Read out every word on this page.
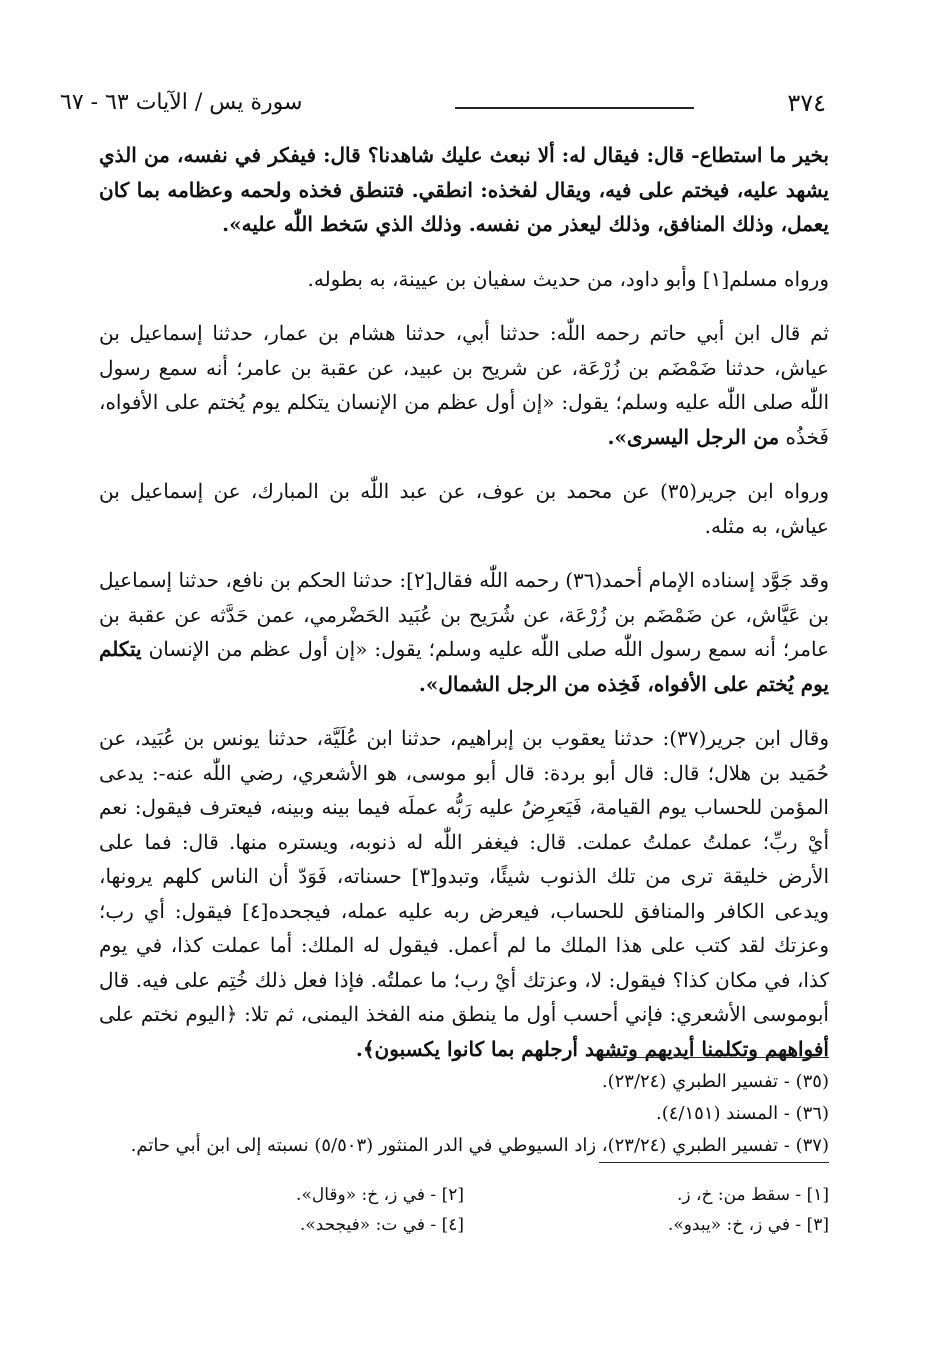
٣٧٤
سورة يس / الآيات ٦٣ - ٦٧

بخير ما استطاع- قال: فيقال له: ألا نبعث عليك شاهدنا؟ قال: فيفكر في نفسه، من الذي يشهد عليه، فيختم على فيه، ويقال لفخذه: انطقي. فتنطق فخذه ولحمه وعظامه بما كان يعمل، وذلك المنافق، وذلك ليعذر من نفسه. وذلك الذي سَخط اللّٰه عليه».

ورواه مسلم[١] وأبو داود، من حديث سفيان بن عيينة، به بطوله.

ثم قال ابن أبي حاتم رحمه اللّٰه: حدثنا أبي، حدثنا هشام بن عمار، حدثنا إسماعيل بن عياش، حدثنا ضَمْضَم بن زُرْعَة، عن شريح بن عبيد، عن عقبة بن عامر؛ أنه سمع رسول اللّٰه صلى اللّٰه عليه وسلم؛ يقول: «إن أول عظم من الإنسان يتكلم يوم يُختم على الأفواه، فَخذُه من الرجل اليسرى».

ورواه ابن جرير(٣٥) عن محمد بن عوف، عن عبد اللّٰه بن المبارك، عن إسماعيل بن عياش، به مثله.

وقد جَوَّد إسناده الإمام أحمد(٣٦) رحمه اللّٰه فقال[٢]: حدثنا الحكم بن نافع، حدثنا إسماعيل بن عَيَّاش، عن ضَمْضَم بن زُرْعَة، عن شُرَيح بن عُبَيد الحَضْرمي، عمن حَدَّثه عن عقبة بن عامر؛ أنه سمع رسول اللّٰه صلى اللّٰه عليه وسلم؛ يقول: «إن أول عظم من الإنسان يتكلم يوم يُختم على الأفواه، فَخِذه من الرجل الشمال».

وقال ابن جرير(٣٧): حدثنا يعقوب بن إبراهيم، حدثنا ابن عُلَيَّة، حدثنا يونس بن عُبَيد، عن حُمَيد بن هلال؛ قال: قال أبو بردة: قال أبو موسى، هو الأشعري، رضي اللّٰه عنه-: يدعى المؤمن للحساب يوم القيامة، فَيَعرِضُ عليه رَبُّه عملَه فيما بينه وبينه، فيعترف فيقول: نعم أيْ ربِّ؛ عملتُ عملتُ عملت. قال: فيغفر اللّٰه له ذنوبه، ويستره منها. قال: فما على الأرض خليقة ترى من تلك الذنوب شيئًا، وتبدو[٣] حسناته، فَوَدّ أن الناس كلهم يرونها، ويدعى الكافر والمنافق للحساب، فيعرض ربه عليه عمله، فيجحده[٤] فيقول: أي رب؛ وعزتك لقد كتب على هذا الملك ما لم أعمل. فيقول له الملك: أما عملت كذا، في يوم كذا، في مكان كذا؟ فيقول: لا، وعزتك أيْ رب؛ ما عملتُه. فإذا فعل ذلك خُتِم على فيه. قال أبوموسى الأشعري: فإني أحسب أول ما ينطق منه الفخذ اليمنى، ثم تلا: ﴿اليوم نختم على أفواههم وتكلمنا أيديهم وتشهد أرجلهم بما كانوا يكسبون﴾.

(٣٥) - تفسير الطبري (٢٣/٢٤).

(٣٦) - المسند (٤/١٥١).

(٣٧) - تفسير الطبري (٢٣/٢٤)، زاد السيوطي في الدر المنثور (٥/٥٠٣) نسبته إلى ابن أبي حاتم.

[١] - سقط من: خ، ز.
[٢] - في ز، خ: «وقال».
[٣] - في ز، خ: «يبدو».
[٤] - في ت: «فيجحد».
